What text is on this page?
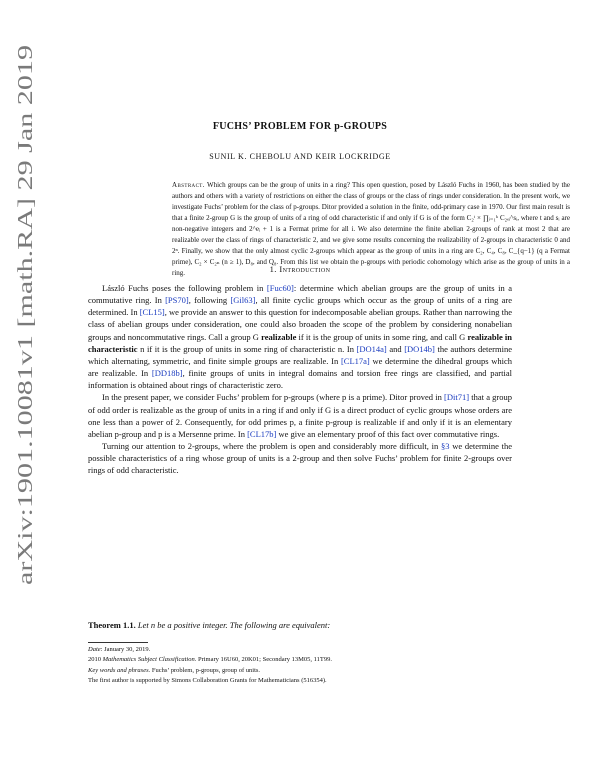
arXiv:1901.10081v1 [math.RA] 29 Jan 2019
FUCHS’ PROBLEM FOR p-GROUPS
SUNIL K. CHEBOLU AND KEIR LOCKRIDGE
Abstract. Which groups can be the group of units in a ring? This open question, posed by László Fuchs in 1960, has been studied by the authors and others with a variety of restrictions on either the class of groups or the class of rings under consideration. In the present work, we investigate Fuchs’ problem for the class of p-groups. Ditor provided a solution in the finite, odd-primary case in 1970. Our first main result is that a finite 2-group G is the group of units of a ring of odd characteristic if and only if G is of the form C₂ᵗ × ∏ᵢ₌₁ᵏ C₂ₑᵢ^sᵢ, where t and sᵢ are non-negative integers and 2^eᵢ + 1 is a Fermat prime for all i. We also determine the finite abelian 2-groups of rank at most 2 that are realizable over the class of rings of characteristic 2, and we give some results concerning the realizability of 2-groups in characteristic 0 and 2ⁿ. Finally, we show that the only almost cyclic 2-groups which appear as the group of units in a ring are C₂, C₄, C₈, C_{q−1} (q a Fermat prime), C₂ × C₂ₙ (n ≥ 1), D₈, and Q₈. From this list we obtain the p-groups with periodic cohomology which arise as the group of units in a ring.	1. Introduction

László Fuchs poses the following problem in [Fuc60]: determine which abelian groups are the group of units in a commutative ring. In [PS70], following [Gil63], all finite cyclic groups which occur as the group of units of a ring are determined. In [CL15], we provide an answer to this question for indecomposable abelian groups. Rather than narrowing the class of abelian groups under consideration, one could also broaden the scope of the problem by considering nonabelian groups and noncommutative rings. Call a group G realizable if it is the group of units in some ring, and call G realizable in characteristic n if it is the group of units in some ring of characteristic n. In [DO14a] and [DO14b] the authors determine which alternating, symmetric, and finite simple groups are realizable. In [CL17a] we determine the dihedral groups which are realizable. In [DD18b], finite groups of units in integral domains and torsion free rings are classified, and partial information is obtained about rings of characteristic zero.

In the present paper, we consider Fuchs’ problem for p-groups (where p is a prime). Ditor proved in [Dit71] that a group of odd order is realizable as the group of units in a ring if and only if G is a direct product of cyclic groups whose orders are one less than a power of 2. Consequently, for odd primes p, a finite p-group is realizable if and only if it is an elementary abelian p-group and p is a Mersenne prime. In [CL17b] we give an elementary proof of this fact over commutative rings.

Turning our attention to 2-groups, where the problem is open and considerably more difficult, in §3 we determine the possible characteristics of a ring whose group of units is a 2-group and then solve Fuchs’ problem for finite 2-groups over rings of odd characteristic.

Theorem 1.1. Let n be a positive integer. The following are equivalent:
Date: January 30, 2019.
2010 Mathematics Subject Classification. Primary 16U60, 20K01; Secondary 13M05, 11T99.
Key words and phrases. Fuchs’ problem, p-groups, group of units.
The first author is supported by Simons Collaboration Grants for Mathematicians (516354).
